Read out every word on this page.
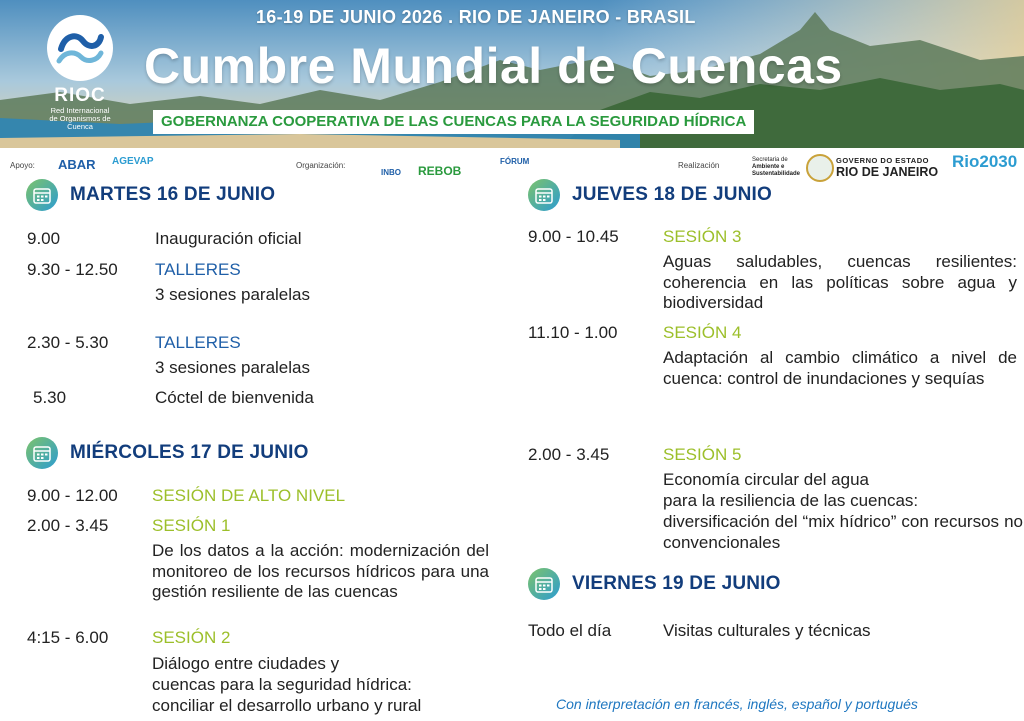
RIOC
Red Internacional
de Organismos de Cuenca
16-19 DE JUNIO 2026 . RIO DE JANEIRO - BRASIL
Cumbre Mundial de Cuencas
GOBERNANZA COOPERATIVA DE LAS CUENCAS PARA LA SEGURIDAD HÍDRICA
Apoyo: ABAR AGEVAP	Organización:
INBO REBOB
FÓRUM	Realización
Secretaria de
Ambiente e
Sustentabilidade
GOVERNO DO ESTADO
RIO DE JANEIRO
Rio2030
MARTES 16 DE JUNIO
9.00	Inauguración oficial
9.30 - 12.50 TALLERES
3 sesiones paralelas
2.30 - 5.30	TALLERES
3 sesiones paralelas
5.30	Cóctel de bienvenida
MIÉRCOLES 17 DE JUNIO
9.00 - 12.00 SESIÓN DE ALTO NIVEL
2.00 - 3.45	SESIÓN 1
De los datos a la acción: modernización del monitoreo de los recursos hídricos para una gestión resiliente de las cuencas
4:15 - 6.00	SESIÓN 2
Diálogo entre ciudades y
cuencas para la seguridad hídrica:
conciliar el desarrollo urbano y rural
JUEVES 18 DE JUNIO
9.00 - 10.45	SESIÓN 3
Aguas saludables, cuencas resilientes: coherencia en las políticas sobre agua y biodiversidad
11.10 - 1.00	SESIÓN 4
Adaptación al cambio climático a nivel de cuenca: control de inundaciones y sequías
2.00 - 3.45	SESIÓN 5
Economía circular del agua
para la resiliencia de las cuencas:
diversificación del “mix hídrico” con recursos no convencionales
VIERNES 19 DE JUNIO
Todo el día	Visitas culturales y técnicas
Con interpretación en francés, inglés, español y portugués
